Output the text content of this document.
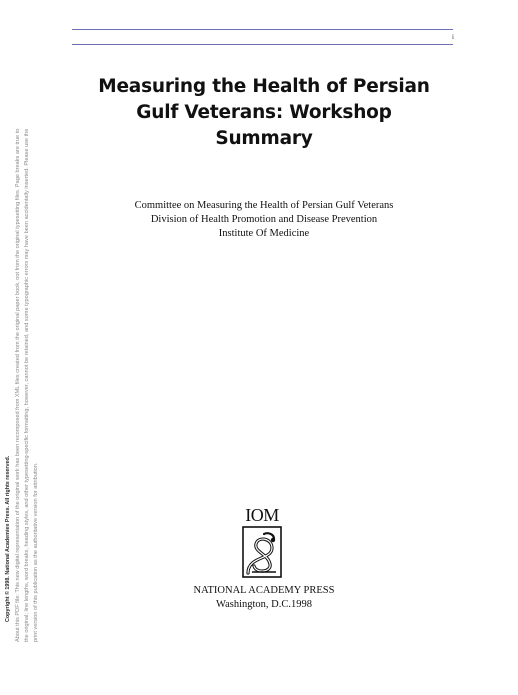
i
Measuring the Health of Persian
Gulf Veterans: Workshop
Summary
Committee on Measuring the Health of Persian Gulf Veterans
Division of Health Promotion and Disease Prevention
Institute Of Medicine
IOM
NATIONAL ACADEMY PRESS
Washington, D.C.1998
Copyright © 1998. National Academies Press. All rights reserved. About this PDF file: This new digital representation of the original work has been recomposed from XML files created from the original paper book, not from the original typesetting files. Page breaks are true to the original; line lengths, word breaks, heading styles, and other typesetting-specific formatting, however, cannot be retained, and some typographic errors may have been accidentally inserted. Please use the print version of this publication as the authoritative version for attribution.
